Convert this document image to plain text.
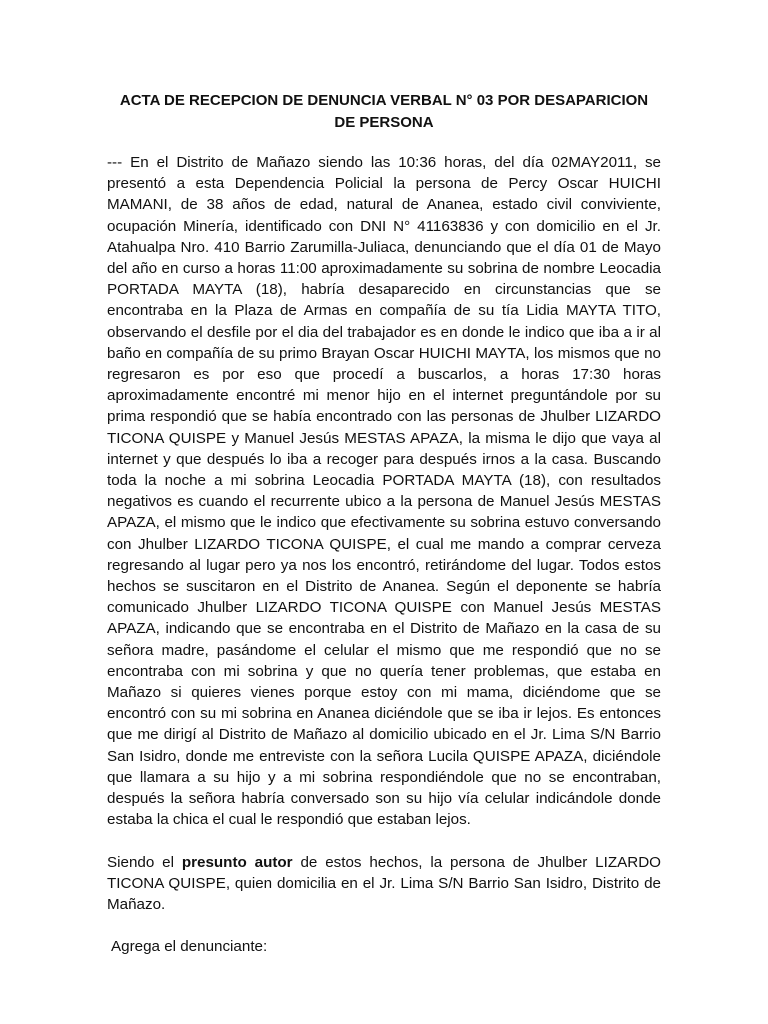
ACTA DE RECEPCION DE DENUNCIA VERBAL N° 03 POR DESAPARICION
DE PERSONA

--- En el Distrito de Mañazo siendo las 10:36 horas, del día 02MAY2011, se presentó a esta Dependencia Policial la persona de Percy Oscar HUICHI MAMANI, de 38 años de edad, natural de Ananea, estado civil conviviente, ocupación Minería, identificado con DNI N° 41163836 y con domicilio en el Jr. Atahualpa Nro. 410 Barrio Zarumilla-Juliaca, denunciando que el día 01 de Mayo del año en curso a horas 11:00 aproximadamente su sobrina de nombre Leocadia PORTADA MAYTA (18), habría desaparecido en circunstancias que se encontraba en la Plaza de Armas en compañía de su tía Lidia MAYTA TITO, observando el desfile por el dia del trabajador es en donde le indico que iba a ir al baño en compañía de su primo Brayan Oscar HUICHI MAYTA, los mismos que no regresaron es por eso que procedí a buscarlos, a horas 17:30 horas aproximadamente encontré mi menor hijo en el internet preguntándole por su prima respondió que se había encontrado con las personas de Jhulber LIZARDO TICONA QUISPE y Manuel Jesús MESTAS APAZA, la misma le dijo que vaya al internet y que después lo iba a recoger para después irnos a la casa. Buscando toda la noche a mi sobrina Leocadia PORTADA MAYTA (18), con resultados negativos es cuando el recurrente ubico a la persona de Manuel Jesús MESTAS APAZA, el mismo que le indico que efectivamente su sobrina estuvo conversando con Jhulber LIZARDO TICONA QUISPE, el cual me mando a comprar cerveza regresando al lugar pero ya nos los encontró, retirándome del lugar. Todos estos hechos se suscitaron en el Distrito de Ananea. Según el deponente se habría comunicado Jhulber LIZARDO TICONA QUISPE con Manuel Jesús MESTAS APAZA, indicando que se encontraba en el Distrito de Mañazo en la casa de su señora madre, pasándome el celular el mismo que me respondió que no se encontraba con mi sobrina y que no quería tener problemas, que estaba en Mañazo si quieres vienes porque estoy con mi mama, diciéndome que se encontró con su mi sobrina en Ananea diciéndole que se iba ir lejos. Es entonces que me dirigí al Distrito de Mañazo al domicilio ubicado en el Jr. Lima S/N Barrio San Isidro, donde me entreviste con la señora Lucila QUISPE APAZA, diciéndole que llamara a su hijo y a mi sobrina respondiéndole que no se encontraban, después la señora habría conversado son su hijo vía celular indicándole donde estaba la chica el cual le respondió que estaban lejos.

Siendo el presunto autor de estos hechos, la persona de Jhulber LIZARDO TICONA QUISPE, quien domicilia en el Jr. Lima S/N Barrio San Isidro, Distrito de Mañazo.

Agrega el denunciante:
